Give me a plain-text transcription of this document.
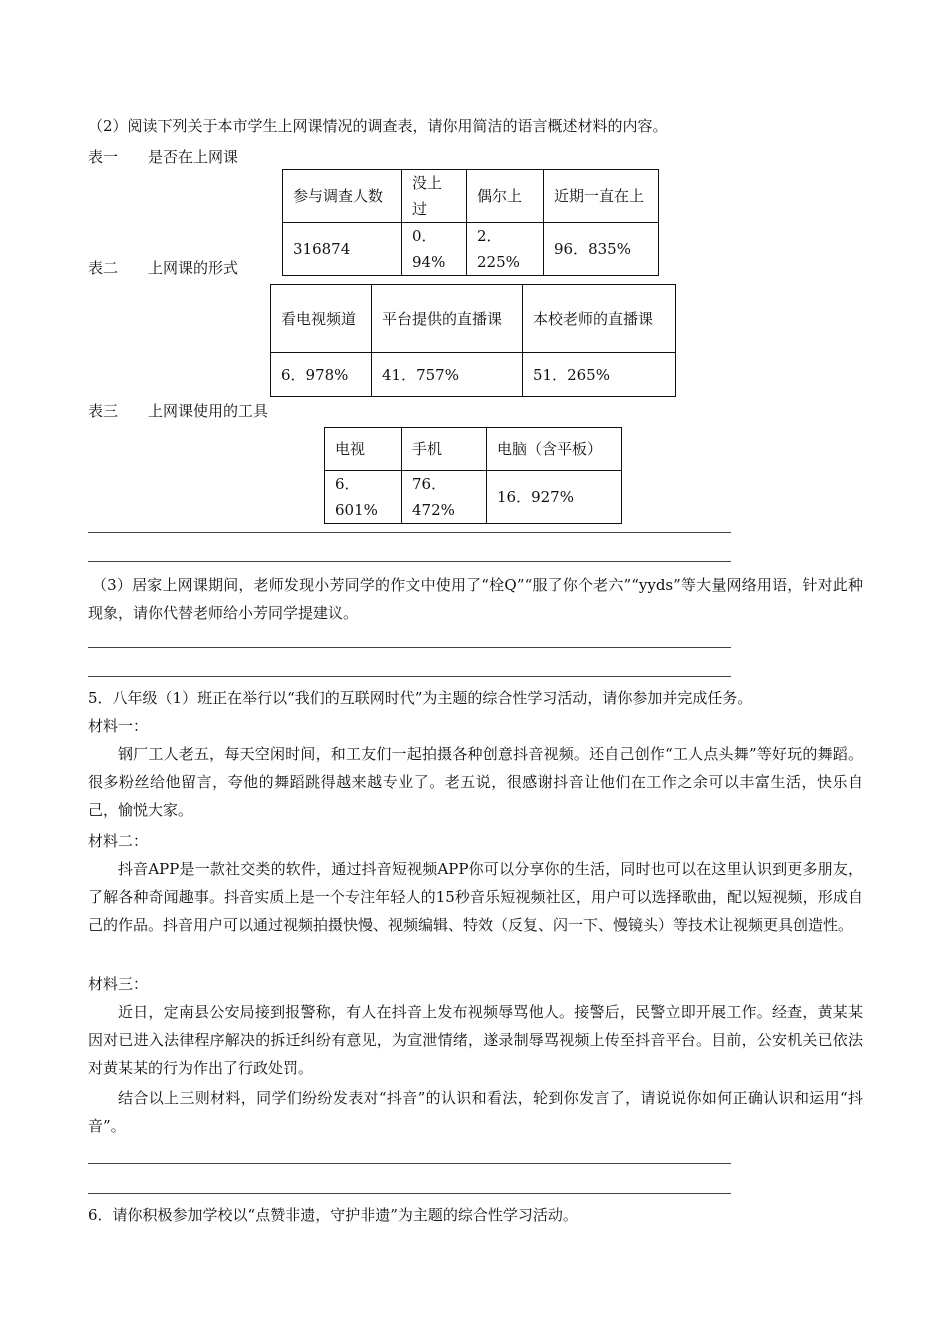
（2）阅读下列关于本市学生上网课情况的调查表，请你用简洁的语言概述材料的内容。
表一　　是否在上网课
参与调查人数	没上过	偶尔上	近期一直在上
316874	0．94%	2．225%	96．835%
表二　　上网课的形式
看电视频道	平台提供的直播课	本校老师的直播课
6．978%	41．757%	51．265%
表三　　上网课使用的工具
电视	手机	电脑（含平板）
6．601%	76．472%	16．927%
（3）居家上网课期间，老师发现小芳同学的作文中使用了“栓Q”“服了你个老六”“yyds”等大量网络用语，针对此种现象，请你代替老师给小芳同学提建议。
5．八年级（1）班正在举行以“我们的互联网时代”为主题的综合性学习活动，请你参加并完成任务。
材料一：
钢厂工人老五，每天空闲时间，和工友们一起拍摄各种创意抖音视频。还自己创作“工人点头舞”等好玩的舞蹈。很多粉丝给他留言，夸他的舞蹈跳得越来越专业了。老五说，很感谢抖音让他们在工作之余可以丰富生活，快乐自己，愉悦大家。
材料二：
抖音APP是一款社交类的软件，通过抖音短视频APP你可以分享你的生活，同时也可以在这里认识到更多朋友，了解各种奇闻趣事。抖音实质上是一个专注年轻人的15秒音乐短视频社区，用户可以选择歌曲，配以短视频，形成自己的作品。抖音用户可以通过视频拍摄快慢、视频编辑、特效（反复、闪一下、慢镜头）等技术让视频更具创造性。
材料三：
近日，定南县公安局接到报警称，有人在抖音上发布视频辱骂他人。接警后，民警立即开展工作。经查，黄某某因对已进入法律程序解决的拆迁纠纷有意见，为宣泄情绪，遂录制辱骂视频上传至抖音平台。目前，公安机关已依法对黄某某的行为作出了行政处罚。
结合以上三则材料，同学们纷纷发表对“抖音”的认识和看法，轮到你发言了，请说说你如何正确认识和运用“抖音”。
6．请你积极参加学校以“点赞非遗，守护非遗”为主题的综合性学习活动。
